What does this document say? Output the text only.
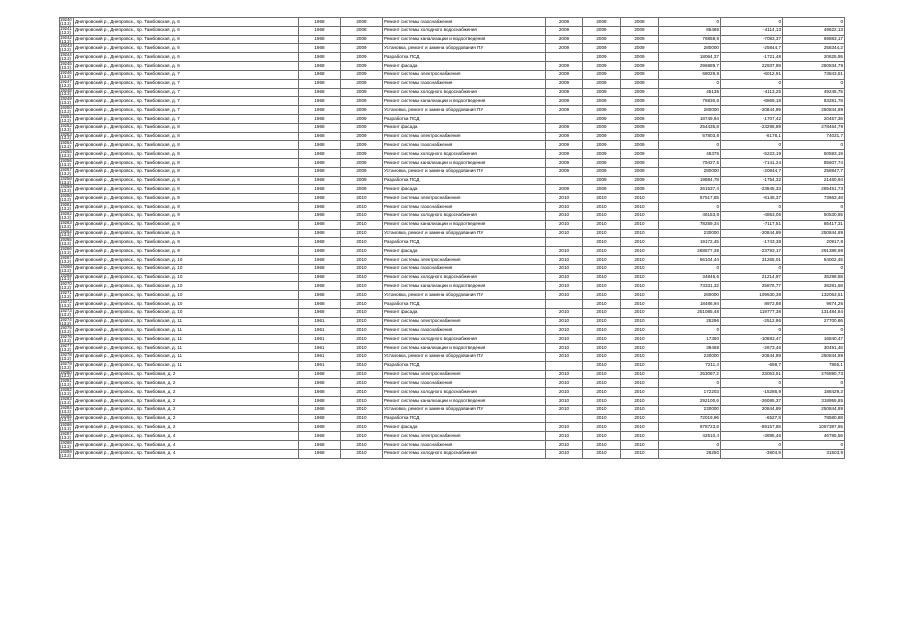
19240 (13.2)	Днепровский р., Днепровск., пр. Тамбовская, д. 6	1968	2008	Ремонт системы газоснабжения	2008	2008	2008	0	0	0
19241 (13.2)	Днепровский р., Днепровск., пр. Тамбовская, д. 6	1968	2008	Ремонт системы холодного водоснабжения	2009	2009	2009	85485	-4114,13	49622,13
19242 (13.2)	Днепровский р., Днепровск., пр. Тамбовская, д. 6	1968	2008	Ремонт системы канализации и водоотведения	2009	2009	2009	76858,9	-7083,37	69883,17
19243 (13.2)	Днепровский р., Днепровск., пр. Тамбовская, д. 6	1968	2009	Установка, ремонт и замена оборудования ПУ	2009	2009	2009	280000	-25844,7	258344,2
19244 (13.2)	Днепровский р., Днепровск., пр. Тамбовская, д. 6	1968	2009	Разработка ПСД		2009	2009	18064,37	-1721,48	20625,95
19245 (13.2)	Днепровский р., Днепровск., пр. Тамбовская, д. 6	1968	2009	Ремонт фасада	2009	2009	2009	296889,7	22937,89	280834,79
19246 (13.2)	Днепровский р., Днепровск., пр. Тамбовская, д. 7	1968	2009	Ремонт системы электроснабжения	2009	2009	2009	68029,8	-6012,91	73843,51
19247 (13.2)	Днепровский р., Днепровск., пр. Тамбовская, д. 7	1968	2009	Ремонт системы газоснабжения	2009	2009	2009	0	0	0
19248 (13.2)	Днепровский р., Днепровск., пр. Тамбовская, д. 7	1968	2009	Ремонт системы холодного водоснабжения	2009	2009	2009	45135	-4113,25	49245,75
19249 (13.2)	Днепровский р., Днепровск., пр. Тамбовская, д. 7	1968	2009	Ремонт системы канализации и водоотведения	2009	2009	2009	76830,6	-6869,18	83281,78
19250 (13.2)	Днепровский р., Днепровск., пр. Тамбовская, д. 7	1968	2009	Установка, ремонт и замена оборудования ПУ	2009	2009	2009	280000	-20844,89	250844,89
19251 (13.2)	Днепровский р., Днепровск., пр. Тамбовская, д. 7	1968	2009	Разработка ПСД		2009	2009	18749,94	-1707,42	20457,36
19252 (13.2)	Днепровский р., Днепровск., пр. Тамбовская, д. 8	1968	2009	Ремонт фасада	2009	2009	2009	254435,8	-23295,89	278464,79
19253 (13.2)	Днепровский р., Днепровск., пр. Тамбовская, д. 8	1968	2009	Ремонт системы электроснабжения	2009	2009	2009	67803,8	-6178,1	74031,7
19254 (13.2)	Днепровский р., Днепровск., пр. Тамбовская, д. 8	1968	2009	Ремонт системы газоснабжения	2009	2009	2009	0	0	0
19255 (13.2)	Днепровский р., Днепровск., пр. Тамбовская, д. 8	1968	2009	Ремонт системы холодного водоснабжения	2009	2009	2009	46375	-5223,19	50593,19
19256 (13.2)	Днепровский р., Днепровск., пр. Тамбовская, д. 8	1968	2009	Ремонт системы канализации и водоотведения	2009	2009	2009	79427,5	-7141,24	85607,74
19257 (13.2)	Днепровский р., Днепровск., пр. Тамбовская, д. 8	1968	2009	Установка, ремонт и замена оборудования ПУ	2009	2009	2009	280000	-20844,7	258847,7
19258 (13.2)	Днепровский р., Днепровск., пр. Тамбовская, д. 8	1968	2009	Разработка ПСД		2009	2009	19884,78	-1754,32	21460,94
19259 (13.2)	Днепровский р., Днепровск., пр. Тамбовская, д. 8	1968	2009	Ремонт фасада	2009	2009	2009	261537,4	-23845,33	285451,73
19260 (13.2)	Днепровский р., Днепровск., пр. Тамбовская, д. 9	1968	2010	Ремонт системы электроснабжения	2010	2010	2010	67517,85	-6145,37	73663,48
19261 (13.2)	Днепровский р., Днепровск., пр. Тамбовская, д. 9	1968	2010	Ремонт системы газоснабжения	2010	2010	2010	0	0	0
19262 (13.2)	Днепровский р., Днепровск., пр. Тамбовская, д. 9	1968	2010	Ремонт системы холодного водоснабжения	2010	2010	2010	46153,8	-4853,05	50530,85
19263 (13.2)	Днепровский р., Днепровск., пр. Тамбовская, д. 9	1968	2010	Ремонт системы канализации и водоотведения	2010	2010	2010	78259,34	-7117,51	85417,31
19264 (13.2)	Днепровский р., Днепровск., пр. Тамбовская, д. 9	1968	2010	Установка, ремонт и замена оборудования ПУ	2010	2010	2010	230000	-20844,89	250844,89
19265 (13.2)	Днепровский р., Днепровск., пр. Тамбовская, д. 9	1968	2010	Разработка ПСД		2010	2010	19172,45	-1743,38	20917,8
19266 (13.2)	Днепровский р., Днепровск., пр. Тамбовская, д. 9	1968	2010	Ремонт фасада	2010	2010	2010	268577,38	-23793,17	291388,98
19267 (13.2)	Днепровский р., Днепровск., пр. Тамбовская, д. 10	1968	2010	Ремонт системы электроснабжения	2010	2010	2010	66104,44	31265,01	84002,45
19268 (13.2)	Днепровский р., Днепровск., пр. Тамбовская, д. 10	1968	2010	Ремонт системы газоснабжения	2010	2010	2010	0	0	0
19269 (13.2)	Днепровский р., Днепровск., пр. Тамбовская, д. 10	1968	2010	Ремонт системы холодного водоснабжения	2010	2010	2010	34845,6	21214,97	35298,88
19270 (13.2)	Днепровский р., Днепровск., пр. Тамбовская, д. 10	1968	2010	Ремонт системы канализации и водоотведения	2010	2010	2010	73331,32	25876,77	38281,58
19271 (13.2)	Днепровский р., Днепровск., пр. Тамбовская, д. 10	1968	2010	Установка, ремонт и замена оборудования ПУ	2010	2010	2010	280000	109530,38	132063,51
19272 (13.2)	Днепровский р., Днепровск., пр. Тамбовская, д. 10	1968	2010	Разработка ПСД		2010	2010	18486,94	8972,88	9674,26
19273 (13.2)	Днепровский р., Днепровск., пр. Тамбовская, д. 10	1968	2010	Ремонт фасада	2010	2010	2010	251085,48	119777,38	131484,84
19274 (13.2)	Днепровский р., Днепровск., пр. Тамбовская, д. 11	1961	2010	Ремонт системы электроснабжения	2010	2010	2010	25296	-2512,86	27700,86
19275 (13.2)	Днепровский р., Днепровск., пр. Тамбовская, д. 11	1961	2010	Ремонт системы газоснабжения	2010	2010	2010	0	0	0
19276 (13.2)	Днепровский р., Днепровск., пр. Тамбовская, д. 11	1961	2010	Ремонт системы холодного водоснабжения	2010	2010	2010	17360	-10883,47	16840,47
19277 (13.2)	Днепровский р., Днепровск., пр. Тамбовская, д. 11	1961	2010	Ремонт системы канализации и водоотведения	2010	2010	2010	38458	-2673,46	30491,46
19278 (13.2)	Днепровский р., Днепровск., пр. Тамбовская, д. 11	1961	2010	Установка, ремонт и замена оборудования ПУ	2010	2010	2010	230000	-20844,89	250844,89
19279 (13.2)	Днепровский р., Днепровск., пр. Тамбовская, д. 11	1961	2010	Разработка ПСД		2010	2010	7211,4	-658,7	7855,1
19280 (13.2)	Днепровский р., Днепровск., пр. Тамбовая, д. 2	1968	2010	Ремонт системы электроснабжения	2010	2010	2010	253087,2	23053,51	276890,73
19281 (13.2)	Днепровский р., Днепровск., пр. Тамбовая, д. 2	1968	2010	Ремонт системы газоснабжения	2010	2010	2010	0	0	0
19282 (13.2)	Днепровский р., Днепровск., пр. Тамбовая, д. 2	1968	2010	Ремонт системы холодного водоснабжения	2010	2010	2010	172203	-15286,9	188429,3
19283 (13.2)	Днепровский р., Днепровск., пр. Тамбовая, д. 2	1968	2010	Ремонт системы канализации и водоотведения	2010	2010	2010	292100,6	-26085,37	318955,85
19284 (13.2)	Днепровский р., Днепровск., пр. Тамбовая, д. 2	1968	2010	Установка, ремонт и замена оборудования ПУ	2010	2010	2010	230000	20844,89	250844,89
19285 (13.2)	Днепровский р., Днепровск., пр. Тамбовая, д. 2	1968	2010	Разработка ПСД		2010	2010	72019,96	-6527,8	78580,88
19286 (13.2)	Днепровский р., Днепровск., пр. Тамбовая, д. 2	1968	2010	Ремонт фасада	2010	2010	2010	978723,8	-89157,85	1067387,65
19287 (13.2)	Днепровский р., Днепровск., пр. Тамбовая, д. 4	1968	2010	Ремонт системы электроснабжения	2010	2010	2010	42510,4	-3895,46	46785,56
19288 (13.2)	Днепровский р., Днепровск., пр. Тамбовая, д. 4	1968	2010	Ремонт системы газоснабжения	2010	2010	2010	0	0	0
19289 (13.2)	Днепровский р., Днепровск., пр. Тамбовая, д. 4	1968	2010	Ремонт системы холодного водоснабжения	2010	2010	2010	26250	-3804,9	31503,9
